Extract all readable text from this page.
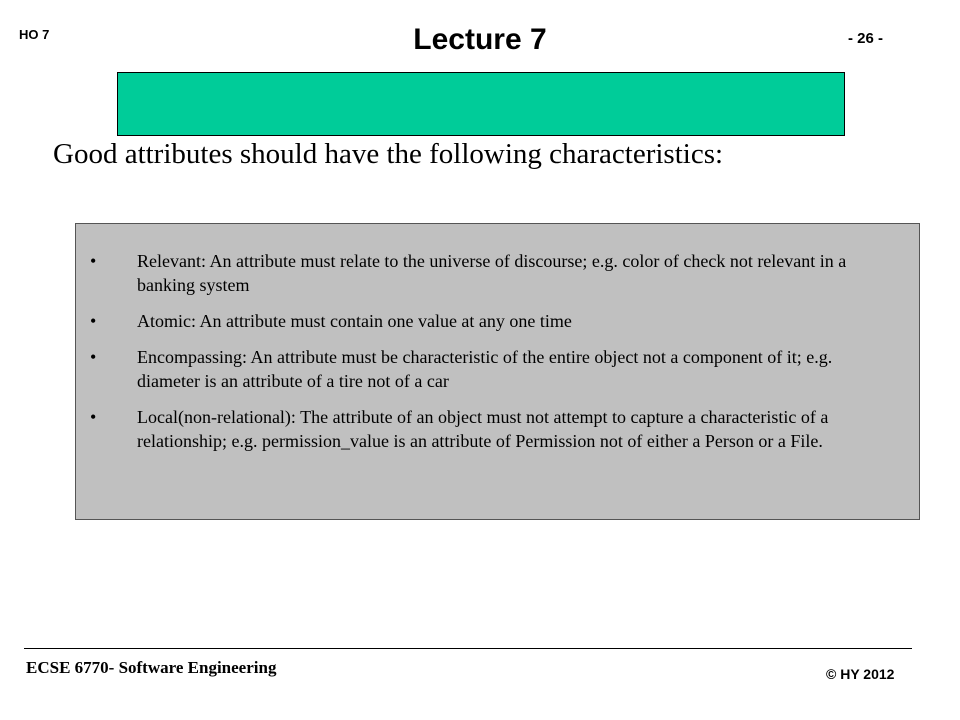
HO 7	Lecture 7	- 26 -
Good attributes should have the following characteristics:
• Relevant: An attribute must relate to the universe of discourse; e.g. color of check not relevant in a banking system
• Atomic: An attribute must contain one value at any one time
• Encompassing: An attribute must be characteristic of the entire object not a component of it; e.g. diameter is an attribute of a tire not of a car
• Local(non-relational): The attribute of an object must not attempt to capture a characteristic of a relationship; e.g. permission_value is an attribute of Permission not of either a Person or a File.
ECSE 6770- Software Engineering	© HY 2012
